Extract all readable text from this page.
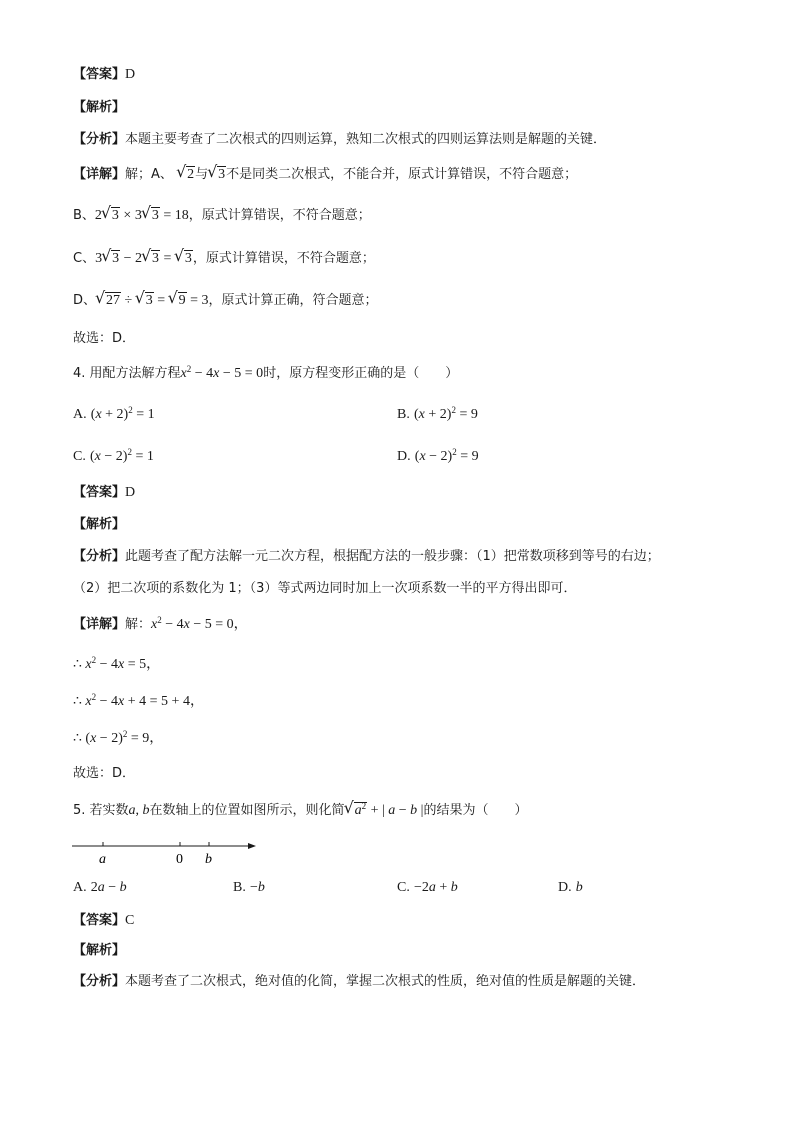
【答案】D
【解析】
【分析】本题主要考查了二次根式的四则运算，熟知二次根式的四则运算法则是解题的关键．
【详解】解；A、 √ 2与 √ 3不是同类二次根式，不能合并，原式计算错误，不符合题意；
B、2 √ 3 × 3 √ 3 = 18，原式计算错误，不符合题意；
C、3 √ 3 − 2 √ 3 = √ 3，原式计算错误，不符合题意；
D、 √ 27 ÷ √ 3 = √ 9 = 3，原式计算正确，符合题意；
故选：D．
4. 用配方法解方程$x^2 - 4x - 5 = 0$时，原方程变形正确的是（　　）
A. $(x + 2)^2 = 1$	B. $(x + 2)^2 = 9$
C. $(x - 2)^2 = 1$	D. $(x - 2)^2 = 9$
【答案】D
【解析】
【分析】此题考查了配方法解一元二次方程，根据配方法的一般步骤：（1）把常数项移到等号的右边；
（2）把二次项的系数化为 1；（3）等式两边同时加上一次项系数一半的平方得出即可．
【详解】解：$x^2 - 4x - 5 = 0$，
∴ $x^2 - 4x = 5$，
∴ $x^2 - 4x + 4 = 5 + 4$，
∴ $(x - 2)^2 = 9$，
故选：D．
5. 若实数a, b在数轴上的位置如图所示，则化简 √ $a^2$ + | a − b |的结果为（　　）
a	0 b
A. 2a − b	B. −b	C. −2a + b	D. b
【答案】C
【解析】
【分析】本题考查了二次根式，绝对值的化简，掌握二次根式的性质，绝对值的性质是解题的关键．
